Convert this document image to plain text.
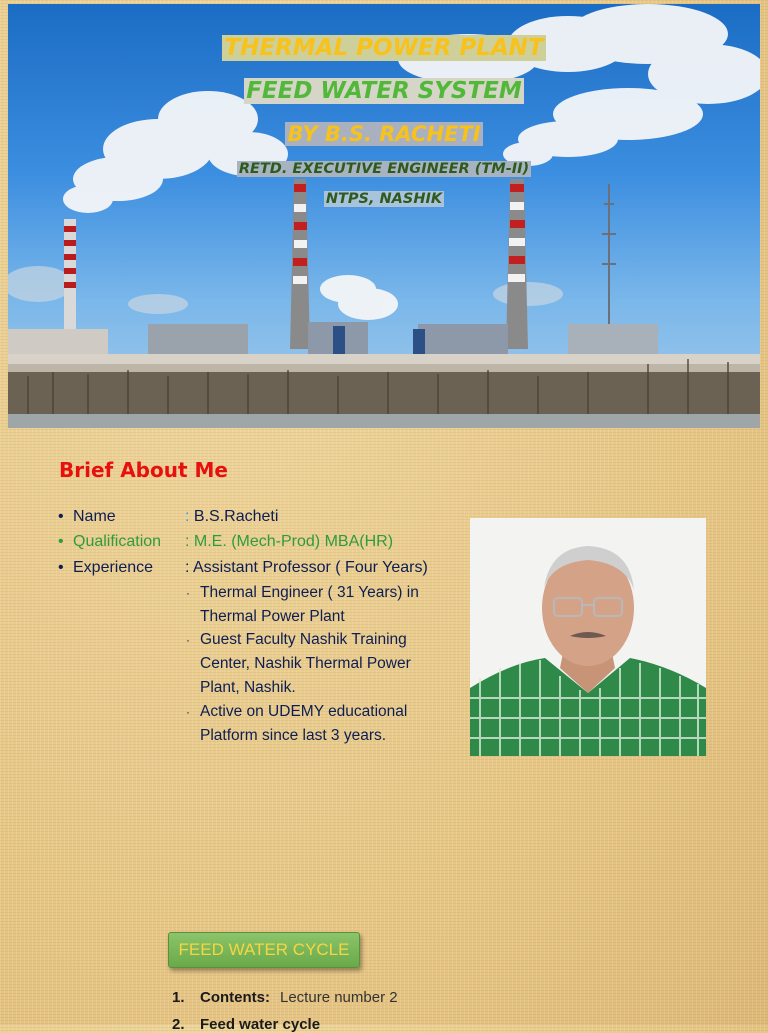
THERMAL POWER PLANT
FEED WATER SYSTEM
BY B.S. RACHETI
RETD. EXECUTIVE ENGINEER (TM-II)
NTPS, NASHIK
Brief About Me
• Name	: B.S.Racheti
• Qualification : M.E. (Mech-Prod) MBA(HR)
• Experience : Assistant Professor ( Four Years)
· Thermal Engineer ( 31 Years) in Thermal Power Plant
· Guest Faculty Nashik Training Center, Nashik Thermal Power Plant, Nashik.
· Active on UDEMY educational Platform since last 3 years.
FEED WATER CYCLE
1. Contents: Lecture number 2
2. Feed water cycle
